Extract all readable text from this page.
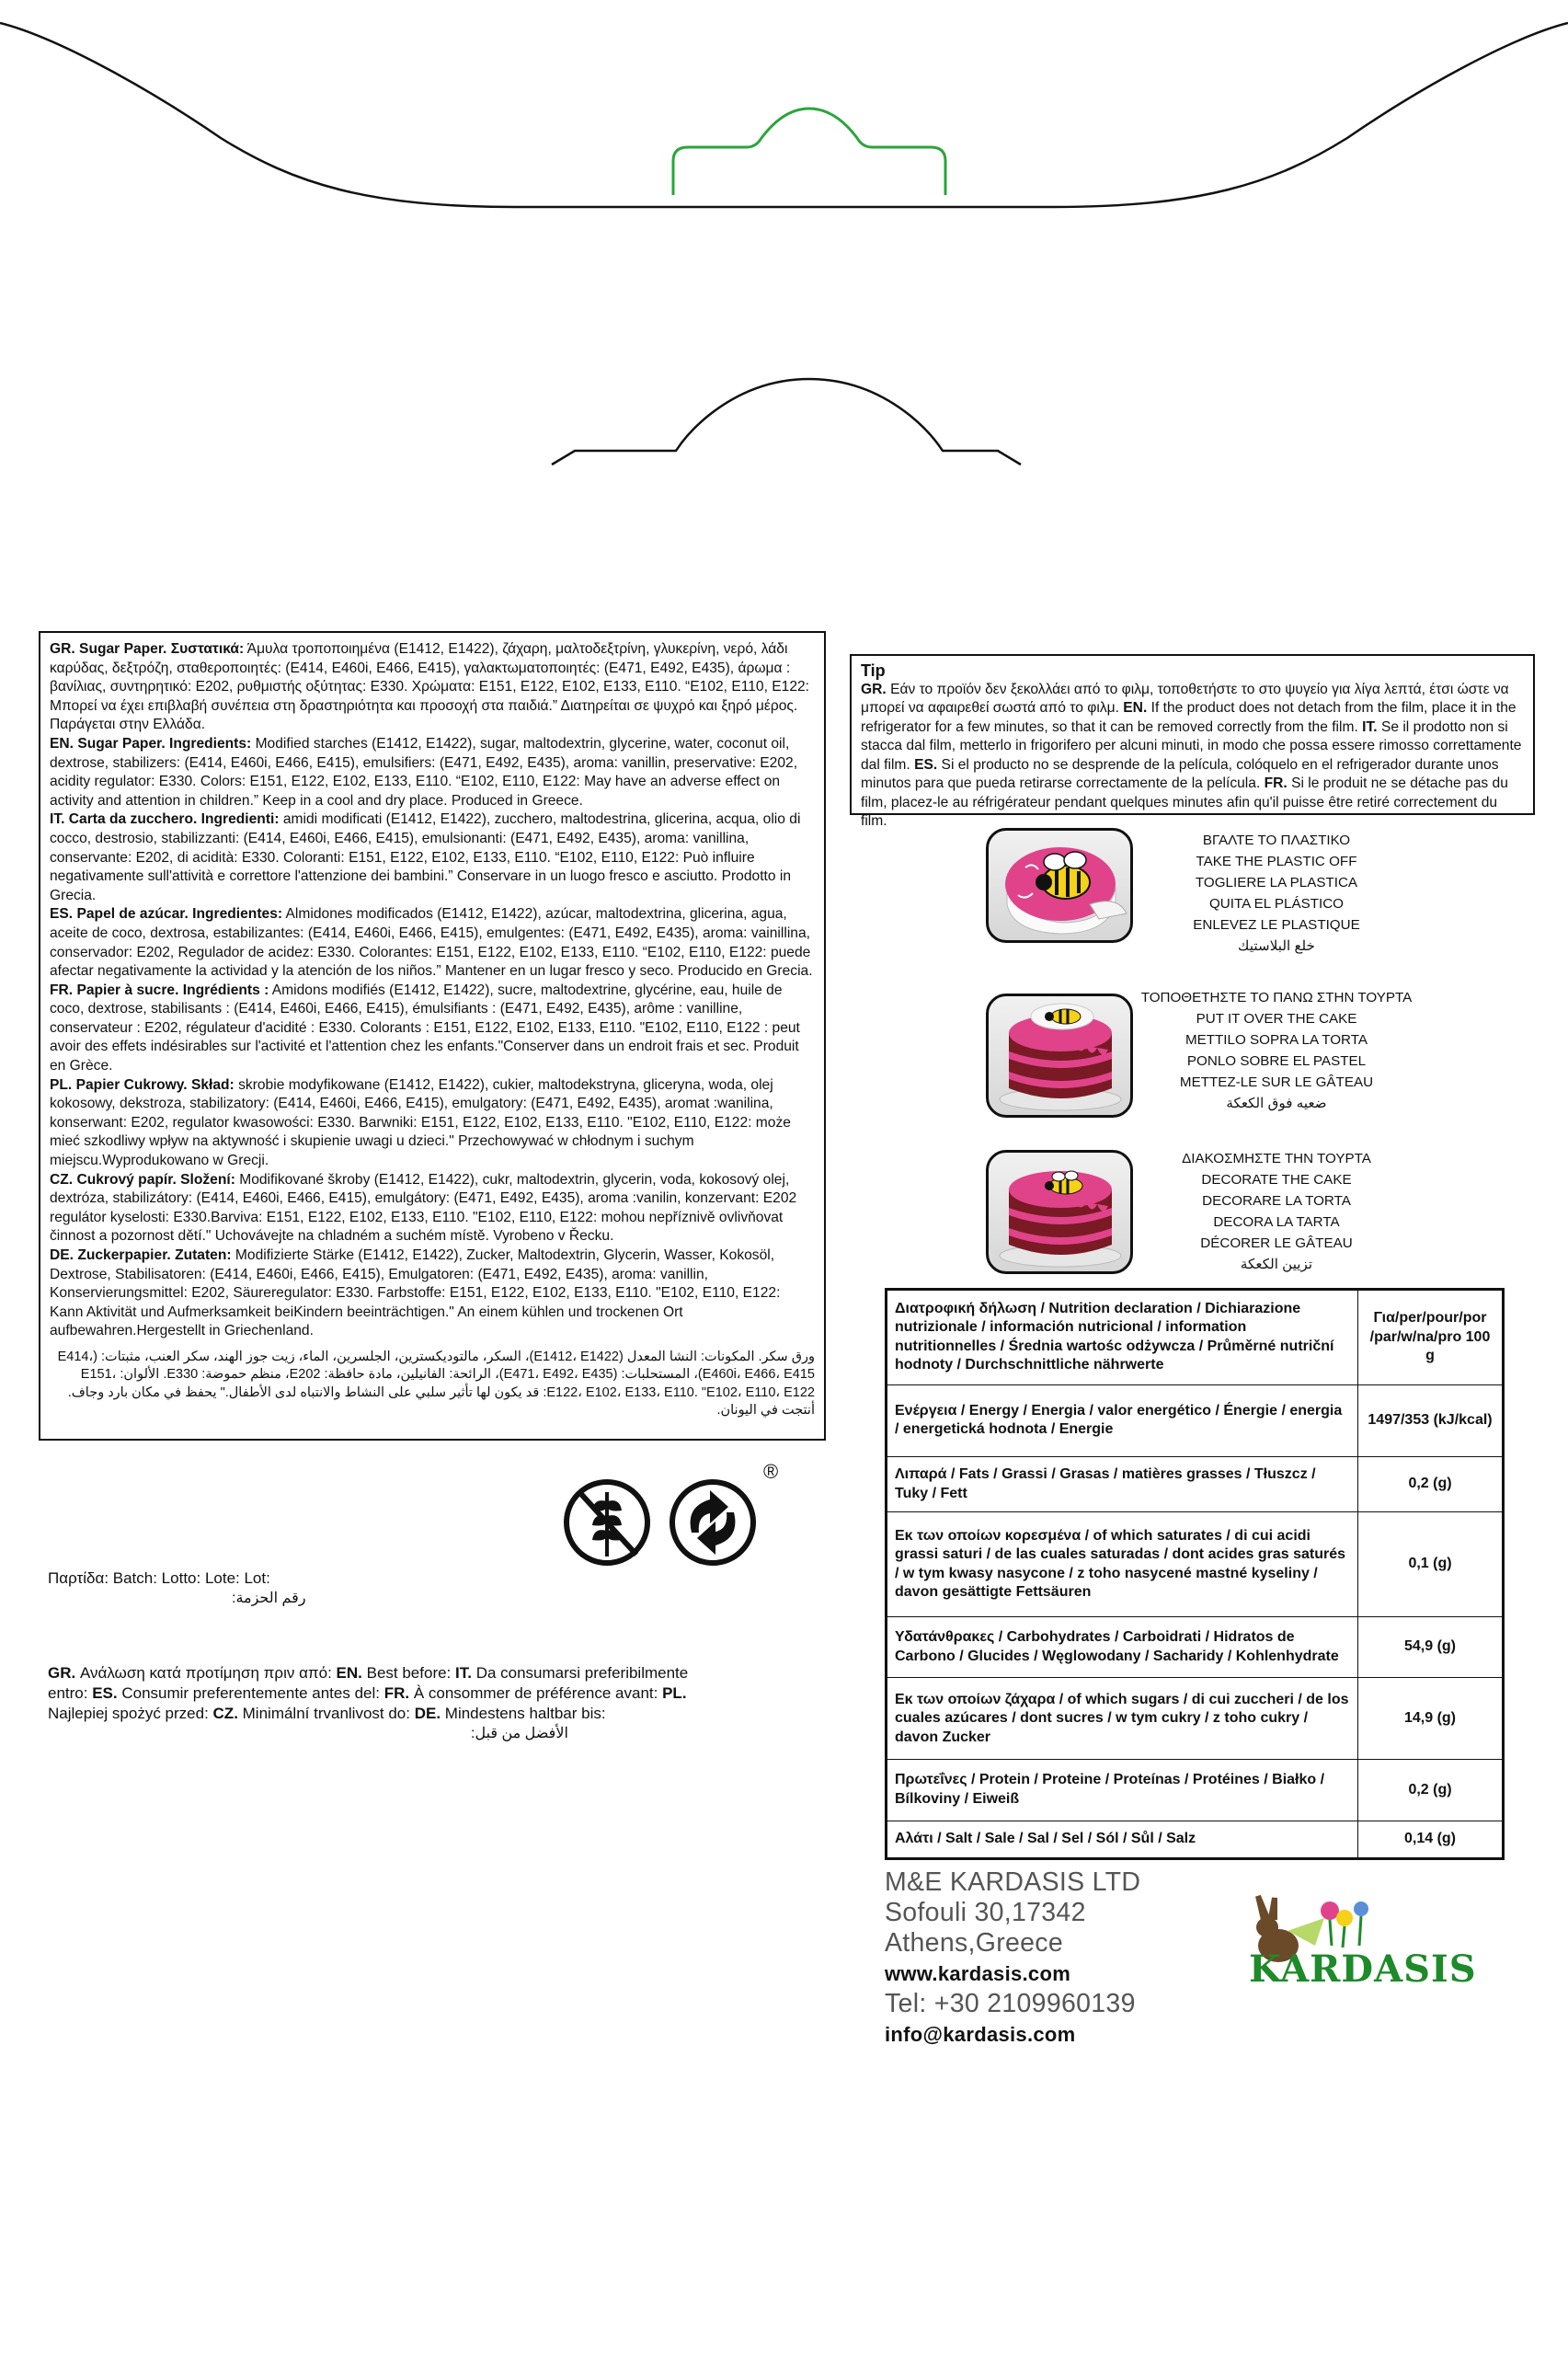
GR. Sugar Paper. Συστατικά: Άμυλα τροποποιημένα (E1412, E1422), ζάχαρη, μαλτοδεξτρίνη, γλυκερίνη, νερό, λάδι καρύδας, δεξτρόζη, σταθεροποιητές: (E414, E460i, E466, E415), γαλακτωματοποιητές: (E471, E492, E435), άρωμα : βανίλιας, συντηρητικό: E202, ρυθμιστής οξύτητας: E330. Χρώματα: E151, E122, E102, E133, E110. “E102, E110, E122: Μπορεί να έχει επιβλαβή συνέπεια στη δραστηριότητα και προσοχή στα παιδιά.” Διατηρείται σε ψυχρό και ξηρό μέρος. Παράγεται στην Ελλάδα.

EN. Sugar Paper. Ingredients: Modified starches (E1412, E1422), sugar, maltodextrin, glycerine, water, coconut oil, dextrose, stabilizers: (E414, E460i, E466, E415), emulsifiers: (E471, E492, E435), aroma: vanillin, preservative: E202, acidity regulator: E330. Colors: E151, E122, E102, E133, E110. “E102, E110, E122: May have an adverse effect on activity and attention in children.” Keep in a cool and dry place. Produced in Greece.

IT. Carta da zucchero. Ingredienti: amidi modificati (E1412, E1422), zucchero, maltodestrina, glicerina, acqua, olio di cocco, destrosio, stabilizzanti: (E414, E460i, E466, E415), emulsionanti: (E471, E492, E435), aroma: vanillina, conservante: E202, di acidità: E330. Coloranti: E151, E122, E102, E133, E110. “E102, E110, E122: Può influire negativamente sull'attività e correttore l'attenzione dei bambini.” Conservare in un luogo fresco e asciutto. Prodotto in Grecia.

ES. Papel de azúcar. Ingredientes: Almidones modificados (E1412, E1422), azúcar, maltodextrina, glicerina, agua, aceite de coco, dextrosa, estabilizantes: (E414, E460i, E466, E415), emulgentes: (E471, E492, E435), aroma: vainillina, conservador: E202, Regulador de acidez: E330. Colorantes: E151, E122, E102, E133, E110. “E102, E110, E122: puede afectar negativamente la actividad y la atención de los niños.” Mantener en un lugar fresco y seco. Producido en Grecia.

FR. Papier à sucre. Ingrédients : Amidons modifiés (E1412, E1422), sucre, maltodextrine, glycérine, eau, huile de coco, dextrose, stabilisants : (E414, E460i, E466, E415), émulsifiants : (E471, E492, E435), arôme : vanilline, conservateur : E202, régulateur d'acidité : E330. Colorants : E151, E122, E102, E133, E110. "E102, E110, E122 : peut avoir des effets indésirables sur l'activité et l'attention chez les enfants."Conserver dans un endroit frais et sec. Produit en Grèce.

PL. Papier Cukrowy. Skład: skrobie modyfikowane (E1412, E1422), cukier, maltodekstryna, gliceryna, woda, olej kokosowy, dekstroza, stabilizatory: (E414, E460i, E466, E415), emulgatory: (E471, E492, E435), aromat :wanilina, konserwant: E202, regulator kwasowości: E330. Barwniki: E151, E122, E102, E133, E110. "E102, E110, E122: może mieć szkodliwy wpływ na aktywność i skupienie uwagi u dzieci." Przechowywać w chłodnym i suchym miejscu.Wyprodukowano w Grecji.

CZ. Cukrový papír. Složení: Modifikované škroby (E1412, E1422), cukr, maltodextrin, glycerin, voda, kokosový olej, dextróza, stabilizátory: (E414, E460i, E466, E415), emulgátory: (E471, E492, E435), aroma :vanilin, konzervant: E202 regulátor kyselosti: E330.Barviva: E151, E122, E102, E133, E110. "E102, E110, E122: mohou nepříznivě ovlivňovat činnost a pozornost dětí." Uchovávejte na chladném a suchém místě. Vyrobeno v Řecku.

DE. Zuckerpapier. Zutaten: Modifizierte Stärke (E1412, E1422), Zucker, Maltodextrin, Glycerin, Wasser, Kokosöl, Dextrose, Stabilisatoren: (E414, E460i, E466, E415), Emulgatoren: (E471, E492, E435), aroma: vanillin, Konservierungsmittel: E202, Säureregulator: E330. Farbstoffe: E151, E122, E102, E133, E110. "E102, E110, E122: Kann Aktivität und Aufmerksamkeit beiKindern beeinträchtigen." An einem kühlen und trockenen Ort aufbewahren.Hergestellt in Griechenland.

ورق سكر. المكونات: النشا المعدل (E1412، E1422)، السكر، مالتوديكسترين، الجلسرين، الماء، زيت جوز الهند، سكر العنب، مثبتات: (E414، E460i، E466، E415)، المستحلبات: (E471، E492، E435)، الرائحة: الفانيلين، مادة حافظة: E202، منظم حموضة: E330. الألوان: E151، E122، E102، E133، E110. "E102، E110، E122: قد يكون لها تأثير سلبي على النشاط والانتباه لدى الأطفال." يحفظ في مكان بارد وجاف. أنتجت في اليونان.

Tip
GR. Εάν το προϊόν δεν ξεκολλάει από το φιλμ, τοποθετήστε το στο ψυγείο για λίγα λεπτά, έτσι ώστε να μπορεί να αφαιρεθεί σωστά από το φιλμ. EN. If the product does not detach from the film, place it in the refrigerator for a few minutes, so that it can be removed correctly from the film. IT. Se il prodotto non si stacca dal film, metterlo in frigorifero per alcuni minuti, in modo che possa essere rimosso correttamente dal film. ES. Si el producto no se desprende de la película, colóquelo en el refrigerador durante unos minutos para que pueda retirarse correctamente de la película. FR. Si le produit ne se détache pas du film, placez-le au réfrigérateur pendant quelques minutes afin qu'il puisse être retiré correctement du film.
ΒΓΑΛΤΕ ΤΟ ΠΛΑΣΤΙΚΟ
TAKE THE PLASTIC OFF
TOGLIERE LA PLASTICA
QUITA EL PLÁSTICO
ENLEVEZ LE PLASTIQUE
خلع البلاستيك
ΤΟΠΟΘΕΤΗΣΤΕ ΤΟ ΠΑΝΩ ΣΤΗΝ ΤΟΥΡΤΑ
PUT IT OVER THE CAKE
METTILO SOPRA LA TORTA
PONLO SOBRE EL PASTEL
METTEZ-LE SUR LE GÂTEAU
ضعيه فوق الكعكة
ΔΙΑΚΟΣΜΗΣΤΕ ΤΗΝ ΤΟΥΡΤΑ
DECORATE THE CAKE
DECORARE LA TORTA
DECORA LA TARTA
DÉCORER LE GÂTEAU
تزيين الكعكة
®
Παρτίδα: Batch: Lotto: Lote: Lot:
رقم الحزمة:
GR. Ανάλωση κατά προτίμηση πριν από: EN. Best before: IT. Da consumarsi preferibilmente entro: ES. Consumir preferentemente antes del: FR. À consommer de préférence avant: PL. Najlepiej spożyć przed: CZ. Minimální trvanlivost do: DE. Mindestens haltbar bis:
الأفضل من قبل:
Διατροφική δήλωση / Nutrition declaration / Dichiarazione nutrizionale / información nutricional / information nutritionnelles / Średnia wartośc odżywcza / Průměrné nutriční hodnoty / Durchschnittliche nährwerte	Για/per/pour/por /par/w/na/pro 100 g
Ενέργεια / Energy / Energia / valor energético / Énergie / energia / energetická hodnota / Energie	1497/353 (kJ/kcal)
Λιπαρά / Fats / Grassi / Grasas / matières grasses / Tłuszcz / Tuky / Fett	0,2 (g)
Εκ των οποίων κορεσμένα / of which saturates / di cui acidi grassi saturi / de las cuales saturadas / dont acides gras saturés / w tym kwasy nasycone / z toho nasycené mastné kyseliny / davon gesättigte Fettsäuren	0,1 (g)
Υδατάνθρακες / Carbohydrates / Carboidrati / Hidratos de Carbono / Glucides / Węglowodany / Sacharidy / Kohlenhydrate	54,9 (g)
Εκ των οποίων ζάχαρα / of which sugars / di cui zuccheri / de los cuales azúcares / dont sucres / w tym cukry / z toho cukry / davon Zucker	14,9 (g)
Πρωτεΐνες / Protein / Proteine / Proteínas / Protéines / Białko / Bílkoviny / Eiweiß	0,2 (g)
Αλάτι / Salt / Sale / Sal / Sel / Sól / Sůl / Salz	0,14 (g)
M&E KARDASIS LTD
Sofouli 30,17342
Athens,Greece
www.kardasis.com
Tel: +30 2109960139
info@kardasis.com
KARDASIS
